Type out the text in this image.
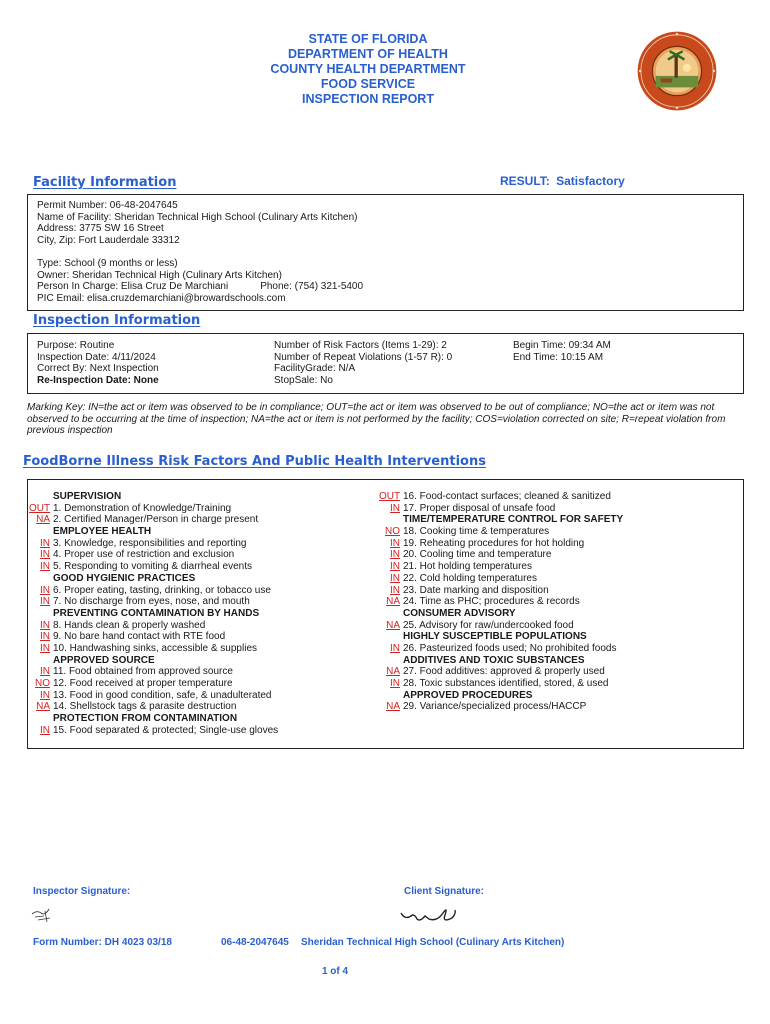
STATE OF FLORIDA
DEPARTMENT OF HEALTH
COUNTY HEALTH DEPARTMENT
FOOD SERVICE
INSPECTION REPORT
Facility Information	RESULT: Satisfactory
Permit Number: 06-48-2047645
Name of Facility: Sheridan Technical High School (Culinary Arts Kitchen)
Address: 3775 SW 16 Street
City, Zip: Fort Lauderdale 33312
Type: School (9 months or less)
Owner: Sheridan Technical High (Culinary Arts Kitchen)
Person In Charge: Elisa Cruz De Marchiani	Phone: (754) 321-5400
PIC Email: elisa.cruzdemarchiani@browardschools.com
Inspection Information
Purpose: Routine
Inspection Date: 4/11/2024
Correct By: Next Inspection
Re-Inspection Date: None
Number of Risk Factors (Items 1-29): 2
Number of Repeat Violations (1-57 R): 0
FacilityGrade: N/A
StopSale: No
Begin Time: 09:34 AM
End Time: 10:15 AM
Marking Key: IN=the act or item was observed to be in compliance; OUT=the act or item was observed to be out of compliance; NO=the act or item was not observed to be occurring at the time of inspection; NA=the act or item is not performed by the facility; COS=violation corrected on site; R=repeat violation from previous inspection
FoodBorne Illness Risk Factors And Public Health Interventions
SUPERVISION
OUT 1. Demonstration of Knowledge/Training
NA 2. Certified Manager/Person in charge present
EMPLOYEE HEALTH
IN 3. Knowledge, responsibilities and reporting
IN 4. Proper use of restriction and exclusion
IN 5. Responding to vomiting & diarrheal events
GOOD HYGIENIC PRACTICES
IN 6. Proper eating, tasting, drinking, or tobacco use
IN 7. No discharge from eyes, nose, and mouth
PREVENTING CONTAMINATION BY HANDS
IN 8. Hands clean & properly washed
IN 9. No bare hand contact with RTE food
IN 10. Handwashing sinks, accessible & supplies
APPROVED SOURCE
IN 11. Food obtained from approved source
NO 12. Food received at proper temperature
IN 13. Food in good condition, safe, & unadulterated
NA 14. Shellstock tags & parasite destruction
PROTECTION FROM CONTAMINATION
IN 15. Food separated & protected; Single-use gloves
OUT 16. Food-contact surfaces; cleaned & sanitized
IN 17. Proper disposal of unsafe food
TIME/TEMPERATURE CONTROL FOR SAFETY
NO 18. Cooking time & temperatures
IN 19. Reheating procedures for hot holding
IN 20. Cooling time and temperature
IN 21. Hot holding temperatures
IN 22. Cold holding temperatures
IN 23. Date marking and disposition
NA 24. Time as PHC; procedures & records
CONSUMER ADVISORY
NA 25. Advisory for raw/undercooked food
HIGHLY SUSCEPTIBLE POPULATIONS
IN 26. Pasteurized foods used; No prohibited foods
ADDITIVES AND TOXIC SUBSTANCES
NA 27. Food additives: approved & properly used
IN 28. Toxic substances identified, stored, & used
APPROVED PROCEDURES
NA 29. Variance/specialized process/HACCP
Inspector Signature:	Client Signature:
Form Number: DH 4023 03/18	06-48-2047645 Sheridan Technical High School (Culinary Arts Kitchen)
1 of 4
